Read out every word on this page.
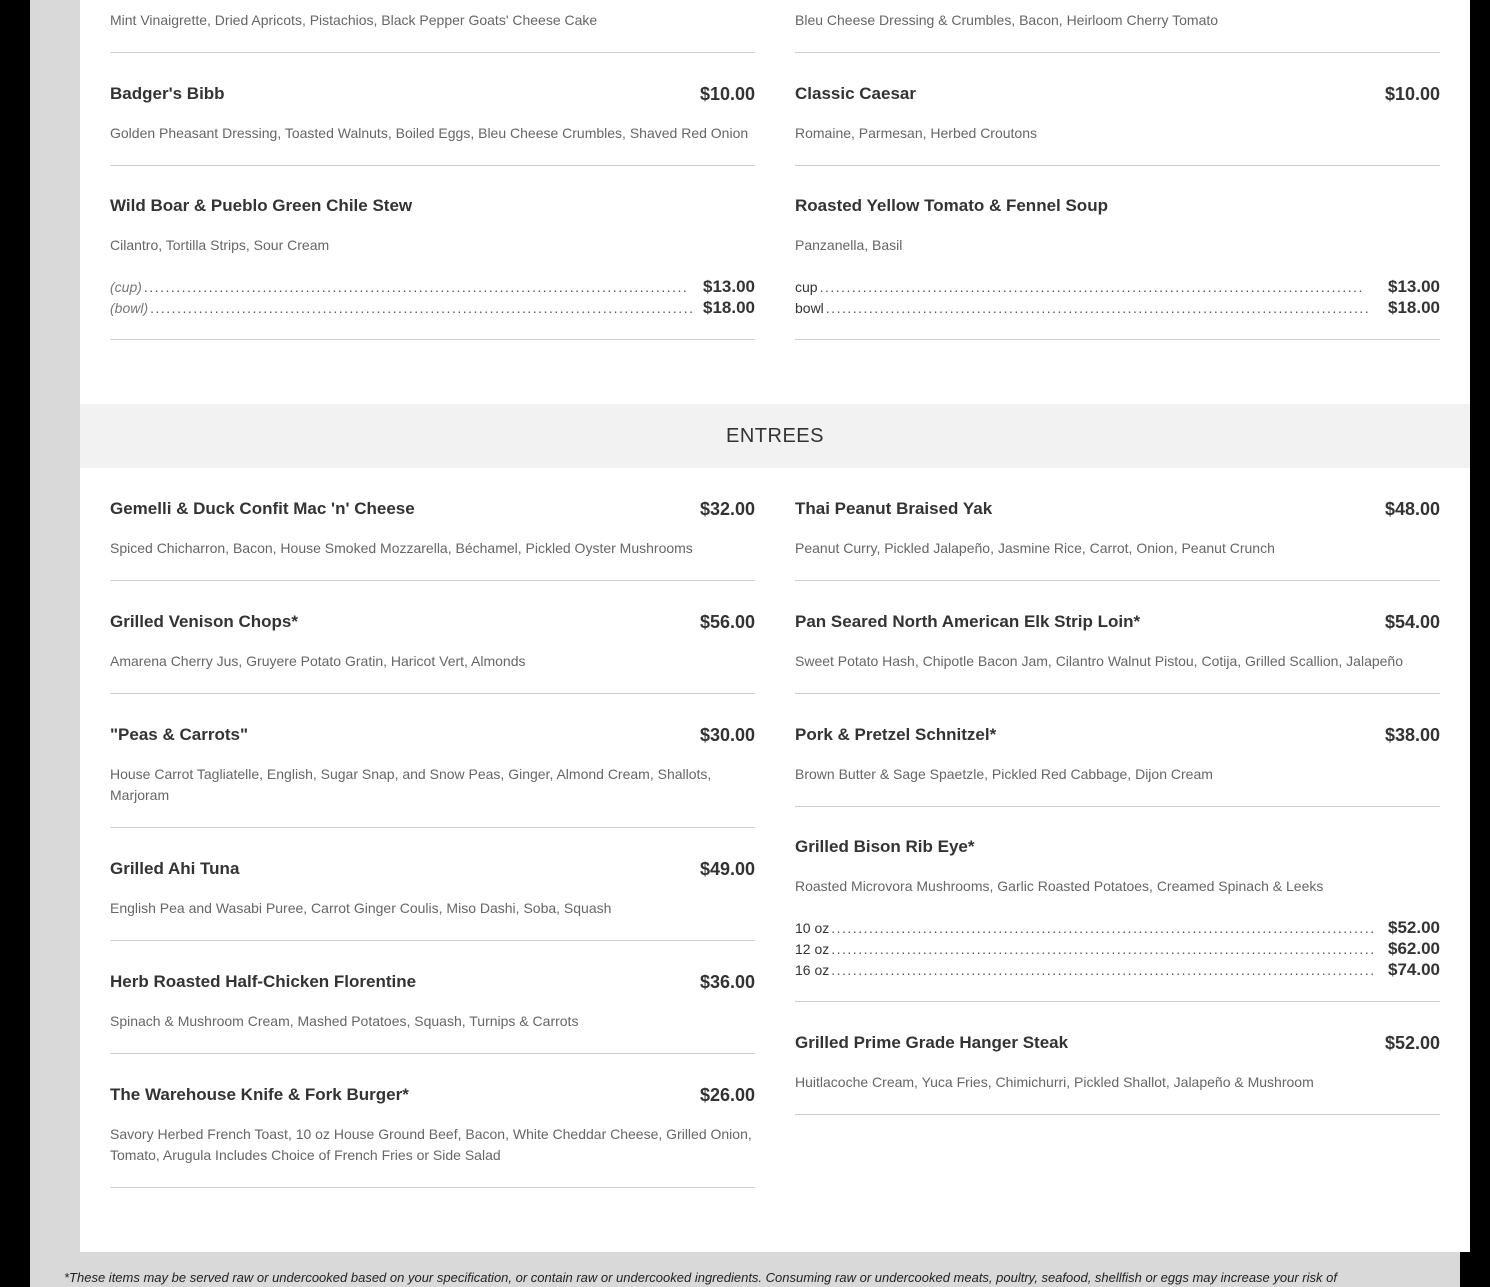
Mint Vinaigrette, Dried Apricots, Pistachios, Black Pepper Goats' Cheese Cake	Bleu Cheese Dressing & Crumbles, Bacon, Heirloom Cherry Tomato
Badger's Bibb	$10.00
Golden Pheasant Dressing, Toasted Walnuts, Boiled Eggs, Bleu Cheese Crumbles, Shaved Red Onion
Classic Caesar	$10.00
Romaine, Parmesan, Herbed Croutons
Wild Boar & Pueblo Green Chile Stew
Cilantro, Tortilla Strips, Sour Cream
(cup) ..................................................................................................... $13.00
(bowl) ..................................................................................................... $18.00
Roasted Yellow Tomato & Fennel Soup
Panzanella, Basil
cup .....................................................................................................	$13.00
bowl .....................................................................................................	$18.00
Gemelli & Duck Confit Mac 'n' Cheese	$32.00
Spiced Chicharron, Bacon, House Smoked Mozzarella, Béchamel, Pickled Oyster Mushrooms
Grilled Venison Chops*	$56.00
Amarena Cherry Jus, Gruyere Potato Gratin, Haricot Vert, Almonds
"Peas & Carrots"	$30.00
House Carrot Tagliatelle, English, Sugar Snap, and Snow Peas, Ginger, Almond Cream, Shallots, Marjoram
Grilled Ahi Tuna	$49.00
English Pea and Wasabi Puree, Carrot Ginger Coulis, Miso Dashi, Soba, Squash
Herb Roasted Half-Chicken Florentine	$36.00
Spinach & Mushroom Cream, Mashed Potatoes, Squash, Turnips & Carrots
The Warehouse Knife & Fork Burger*	$26.00
Savory Herbed French Toast, 10 oz House Ground Beef, Bacon, White Cheddar Cheese, Grilled Onion, Tomato, Arugula Includes Choice of French Fries or Side Salad
Thai Peanut Braised Yak	$48.00
Peanut Curry, Pickled Jalapeño, Jasmine Rice, Carrot, Onion, Peanut Crunch
Pan Seared North American Elk Strip Loin*	$54.00
Sweet Potato Hash, Chipotle Bacon Jam, Cilantro Walnut Pistou, Cotija, Grilled Scallion, Jalapeño
Pork & Pretzel Schnitzel*	$38.00
Brown Butter & Sage Spaetzle, Pickled Red Cabbage, Dijon Cream
Grilled Bison Rib Eye*
Roasted Microvora Mushrooms, Garlic Roasted Potatoes, Creamed Spinach & Leeks
10 oz ..................................................................................................... $52.00
12 oz ..................................................................................................... $62.00
16 oz ..................................................................................................... $74.00
Grilled Prime Grade Hanger Steak	$52.00
Huitlacoche Cream, Yuca Fries, Chimichurri, Pickled Shallot, Jalapeño & Mushroom
*These items may be served raw or undercooked based on your specification, or contain raw or undercooked ingredients. Consuming raw or undercooked meats, poultry, seafood, shellfish or eggs may increase your risk of
ENTREES
